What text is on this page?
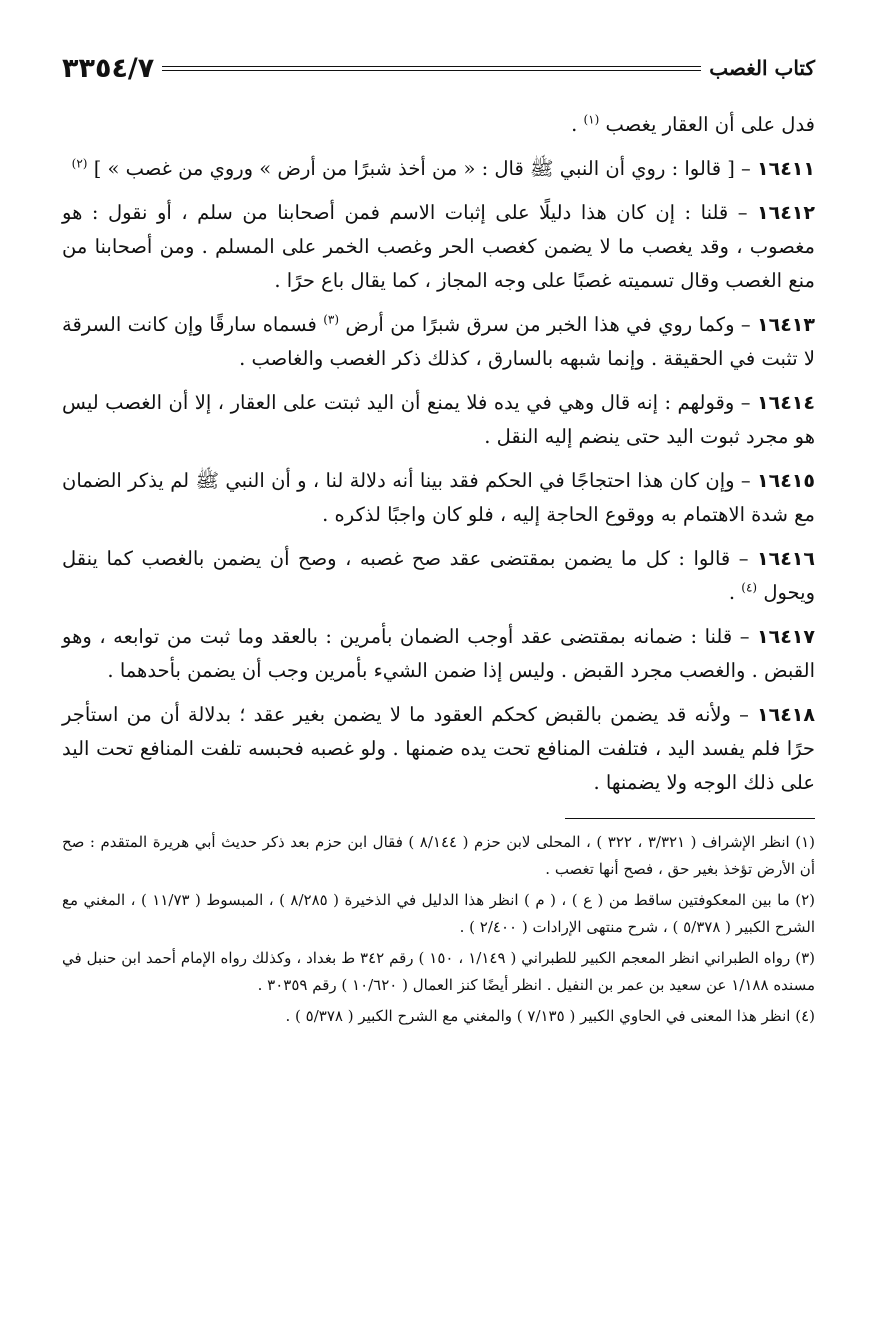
كتاب الغصب
٣٣٥٤/٧

فدل على أن العقار يغصب $^{(١)}$ .

١٦٤١١ – [ قالوا : روي أن النبي ﷺ قال : « من أخذ شبرًا من أرض » وروي من غصب » ] $^{(٢)}$

١٦٤١٢ – قلنا : إن كان هذا دليلًا على إثبات الاسم فمن أصحابنا من سلم ، أو نقول : هو مغصوب ، وقد يغصب ما لا يضمن كغصب الحر وغصب الخمر على المسلم . ومن أصحابنا من منع الغصب وقال تسميته غصبًا على وجه المجاز ، كما يقال باع حرًا .

١٦٤١٣ – وكما روي في هذا الخبر من سرق شبرًا من أرض $^{(٣)}$ فسماه سارقًا وإن كانت السرقة لا تثبت في الحقيقة . وإنما شبهه بالسارق ، كذلك ذكر الغصب والغاصب .

١٦٤١٤ – وقولهم : إنه قال وهي في يده فلا يمنع أن اليد ثبتت على العقار ، إلا أن الغصب ليس هو مجرد ثبوت اليد حتى ينضم إليه النقل .

١٦٤١٥ – وإن كان هذا احتجاجًا في الحكم فقد بينا أنه دلالة لنا ، و أن النبي ﷺ لم يذكر الضمان مع شدة الاهتمام به ووقوع الحاجة إليه ، فلو كان واجبًا لذكره .

١٦٤١٦ – قالوا : كل ما يضمن بمقتضى عقد صح غصبه ، وصح أن يضمن بالغصب كما ينقل ويحول $^{(٤)}$ .

١٦٤١٧ – قلنا : ضمانه بمقتضى عقد أوجب الضمان بأمرين : بالعقد وما ثبت من توابعه ، وهو القبض . والغصب مجرد القبض . وليس إذا ضمن الشيء بأمرين وجب أن يضمن بأحدهما .

١٦٤١٨ – ولأنه قد يضمن بالقبض كحكم العقود ما لا يضمن بغير عقد ؛ بدلالة أن من استأجر حرًا فلم يفسد اليد ، فتلفت المنافع تحت يده ضمنها . ولو غصبه فحبسه تلفت المنافع تحت اليد على ذلك الوجه ولا يضمنها .

(١) انظر الإشراف ( ٣/٣٢١ ، ٣٢٢ ) ، المحلى لابن حزم ( ٨/١٤٤ ) فقال ابن حزم بعد ذكر حديث أبي هريرة المتقدم : صح أن الأرض تؤخذ بغير حق ، فصح أنها تغصب .

(٢) ما بين المعكوفتين ساقط من ( ع ) ، ( م ) انظر هذا الدليل في الذخيرة ( ٨/٢٨٥ ) ، المبسوط ( ١١/٧٣ ) ، المغني مع الشرح الكبير ( ٥/٣٧٨ ) ، شرح منتهى الإرادات ( ٢/٤٠٠ ) .

(٣) رواه الطبراني انظر المعجم الكبير للطبراني ( ١/١٤٩ ، ١٥٠ ) رقم ٣٤٢ ط بغداد ، وكذلك رواه الإمام أحمد ابن حنبل في مسنده ١/١٨٨ عن سعيد بن عمر بن النفيل . انظر أيضًا كنز العمال ( ١٠/٦٢٠ ) رقم ٣٠٣٥٩ .

(٤) انظر هذا المعنى في الحاوي الكبير ( ٧/١٣٥ ) والمغني مع الشرح الكبير ( ٥/٣٧٨ ) .
